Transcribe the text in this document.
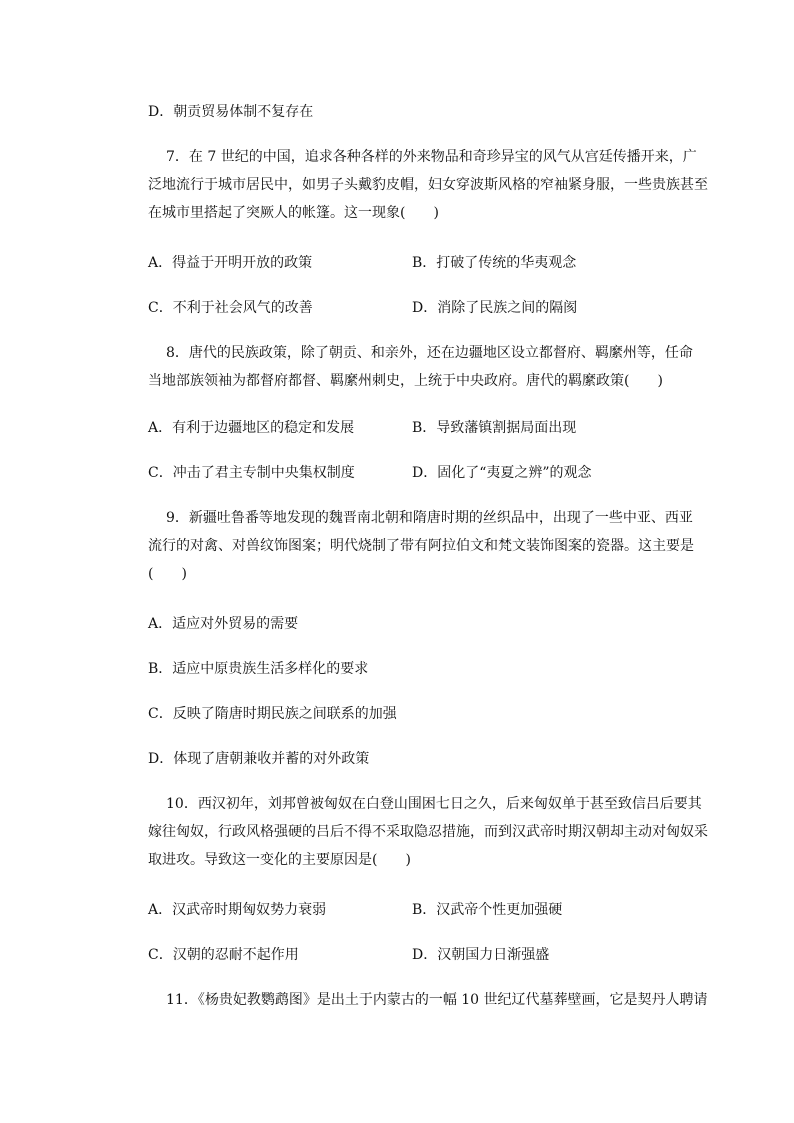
D．朝贡贸易体制不复存在
7．在 7 世纪的中国，追求各种各样的外来物品和奇珍异宝的风气从宫廷传播开来，广
泛地流行于城市居民中，如男子头戴豹皮帽，妇女穿波斯风格的窄袖紧身服，一些贵族甚至
在城市里搭起了突厥人的帐篷。这一现象(　　)
A．得益于开明开放的政策	B．打破了传统的华夷观念
C．不利于社会风气的改善	D．消除了民族之间的隔阂
8．唐代的民族政策，除了朝贡、和亲外，还在边疆地区设立都督府、羁縻州等，任命
当地部族领袖为都督府都督、羁縻州刺史，上统于中央政府。唐代的羁縻政策(　　)
A．有利于边疆地区的稳定和发展	B．导致藩镇割据局面出现
C．冲击了君主专制中央集权制度	D．固化了“夷夏之辨”的观念
9．新疆吐鲁番等地发现的魏晋南北朝和隋唐时期的丝织品中，出现了一些中亚、西亚
流行的对禽、对兽纹饰图案；明代烧制了带有阿拉伯文和梵文装饰图案的瓷器。这主要是
(　　)
A．适应对外贸易的需要
B．适应中原贵族生活多样化的要求
C．反映了隋唐时期民族之间联系的加强
D．体现了唐朝兼收并蓄的对外政策
10．西汉初年，刘邦曾被匈奴在白登山围困七日之久，后来匈奴单于甚至致信吕后要其
嫁往匈奴，行政风格强硬的吕后不得不采取隐忍措施，而到汉武帝时期汉朝却主动对匈奴采
取进攻。导致这一变化的主要原因是(　　)
A．汉武帝时期匈奴势力衰弱	B．汉武帝个性更加强硬
C．汉朝的忍耐不起作用	D．汉朝国力日渐强盛
11．《杨贵妃教鹦鹉图》是出土于内蒙古的一幅 10 世纪辽代墓葬壁画，它是契丹人聘请
